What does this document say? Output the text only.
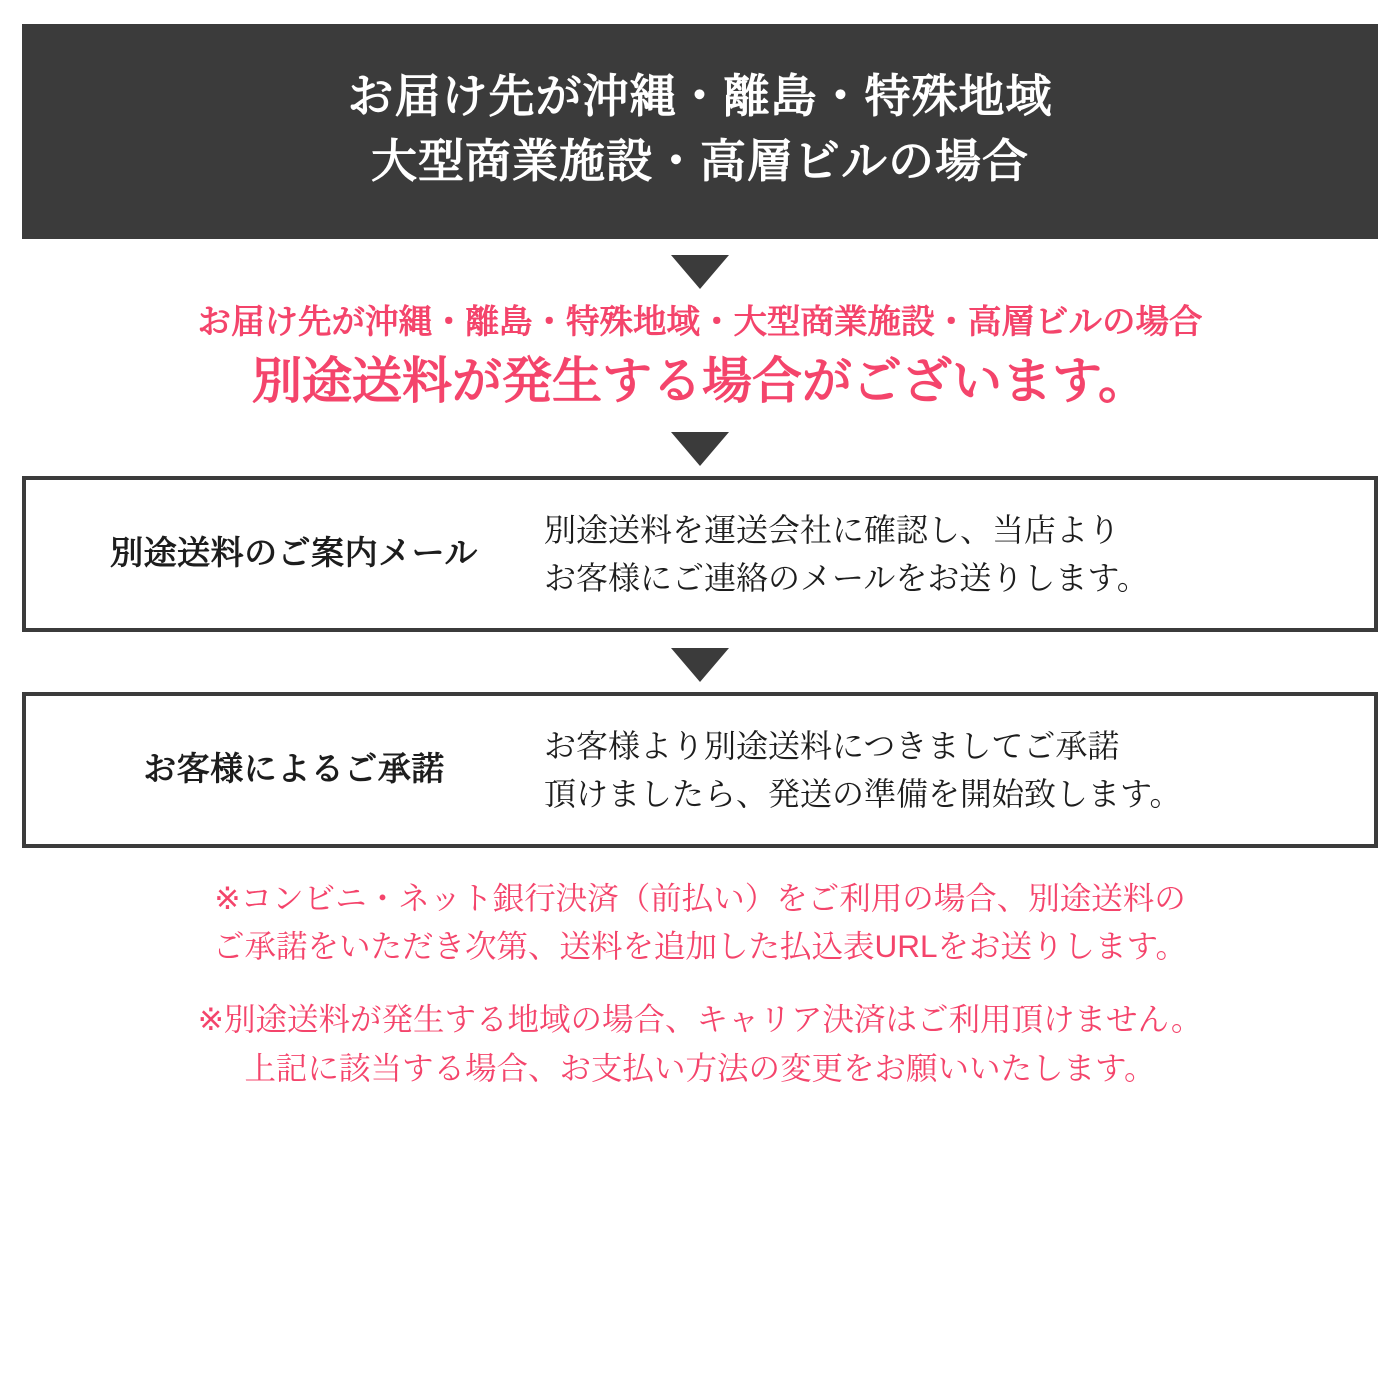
お届け先が沖縄・離島・特殊地域
大型商業施設・高層ビルの場合
お届け先が沖縄・離島・特殊地域・大型商業施設・高層ビルの場合
別途送料が発生する場合がございます。
別途送料のご案内メール
別途送料を運送会社に確認し、当店より
お客様にご連絡のメールをお送りします。
お客様によるご承諾
お客様より別途送料につきましてご承諾
頂けましたら、発送の準備を開始致します。

※コンビニ・ネット銀行決済（前払い）をご利用の場合、別途送料の

ご承諾をいただき次第、送料を追加した払込表URLをお送りします。

※別途送料が発生する地域の場合、キャリア決済はご利用頂けません。

上記に該当する場合、お支払い方法の変更をお願いいたします。
